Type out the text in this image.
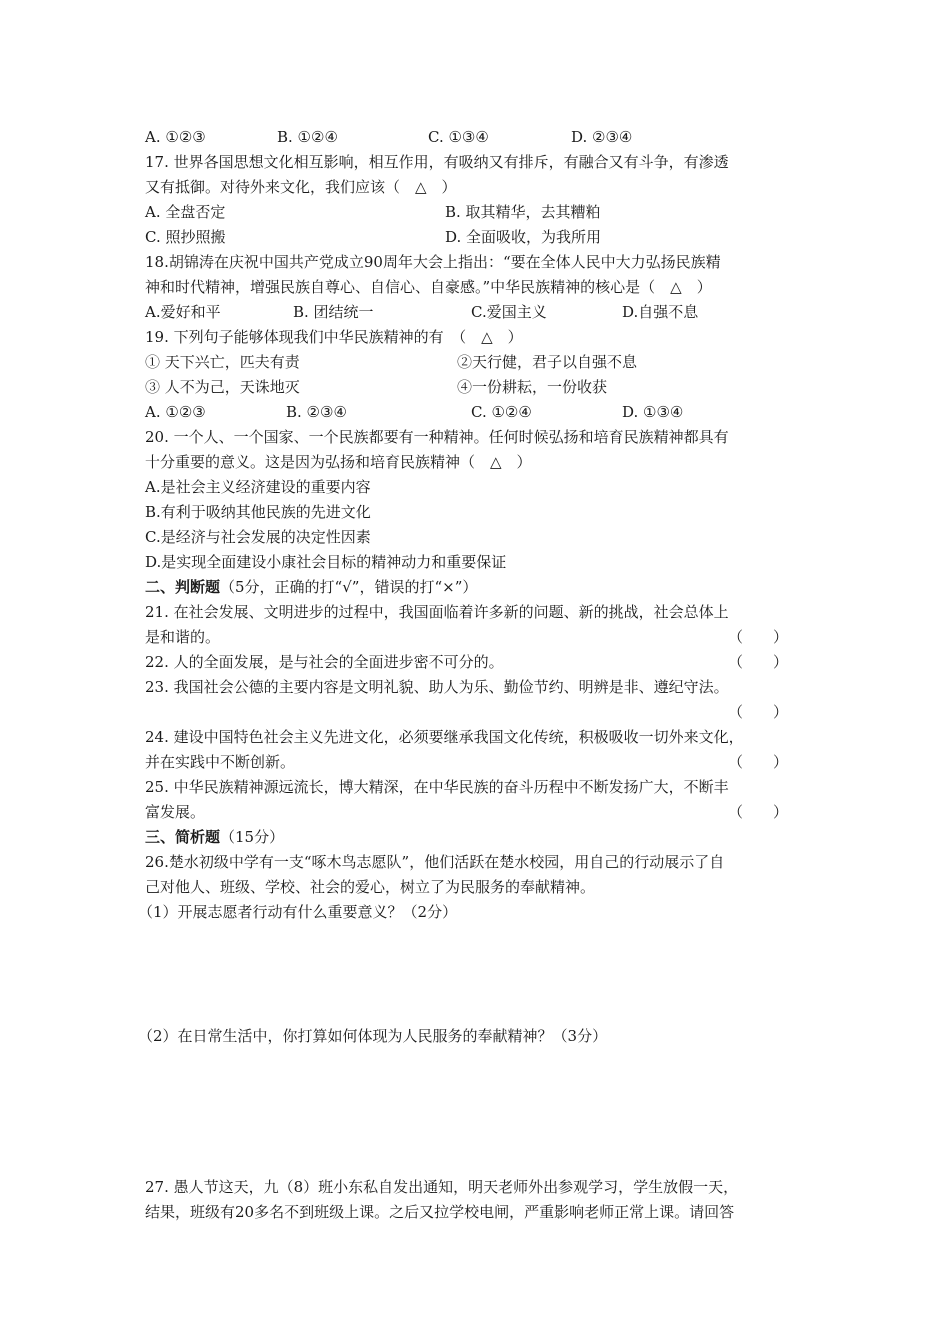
A. ①②③	B. ①②④	C. ①③④	D. ②③④
17. 世界各国思想文化相互影响，相互作用，有吸纳又有排斥，有融合又有斗争，有渗透
又有抵御。对待外来文化，我们应该（　△　）
A. 全盘否定	B. 取其精华，去其糟粕
C. 照抄照搬	D. 全面吸收，为我所用
18.胡锦涛在庆祝中国共产党成立90周年大会上指出：“要在全体人民中大力弘扬民族精
神和时代精神，增强民族自尊心、自信心、自豪感。”中华民族精神的核心是（　△　）
A.爱好和平	B. 团结统一	C.爱国主义	D.自强不息
19. 下列句子能够体现我们中华民族精神的有　（　△　）
① 天下兴亡，匹夫有责	②天行健，君子以自强不息
③ 人不为己，天诛地灭	④一份耕耘，一份收获
A. ①②③	B. ②③④	C. ①②④	D. ①③④
20. 一个人、一个国家、一个民族都要有一种精神。任何时候弘扬和培育民族精神都具有
十分重要的意义。这是因为弘扬和培育民族精神（　△　）
A.是社会主义经济建设的重要内容
B.有利于吸纳其他民族的先进文化
C.是经济与社会发展的决定性因素
D.是实现全面建设小康社会目标的精神动力和重要保证
二、判断题（5分，正确的打“√”，错误的打“×”）
21. 在社会发展、文明进步的过程中，我国面临着许多新的问题、新的挑战，社会总体上
是和谐的。	（　　）
22. 人的全面发展，是与社会的全面进步密不可分的。	（　　）
23. 我国社会公德的主要内容是文明礼貌、助人为乐、勤俭节约、明辨是非、遵纪守法。
（　　）
24. 建设中国特色社会主义先进文化，必须要继承我国文化传统，积极吸收一切外来文化，
并在实践中不断创新。	（　　）
25. 中华民族精神源远流长，博大精深，在中华民族的奋斗历程中不断发扬广大，不断丰
富发展。	（　　）
三、简析题（15分）
26.楚水初级中学有一支“啄木鸟志愿队”，他们活跃在楚水校园，用自己的行动展示了自
己对他人、班级、学校、社会的爱心，树立了为民服务的奉献精神。
（1）开展志愿者行动有什么重要意义？（2分）
（2）在日常生活中，你打算如何体现为人民服务的奉献精神？（3分）
27. 愚人节这天，九（8）班小东私自发出通知，明天老师外出参观学习，学生放假一天，
结果，班级有20多名不到班级上课。之后又拉学校电闸，严重影响老师正常上课。请回答
